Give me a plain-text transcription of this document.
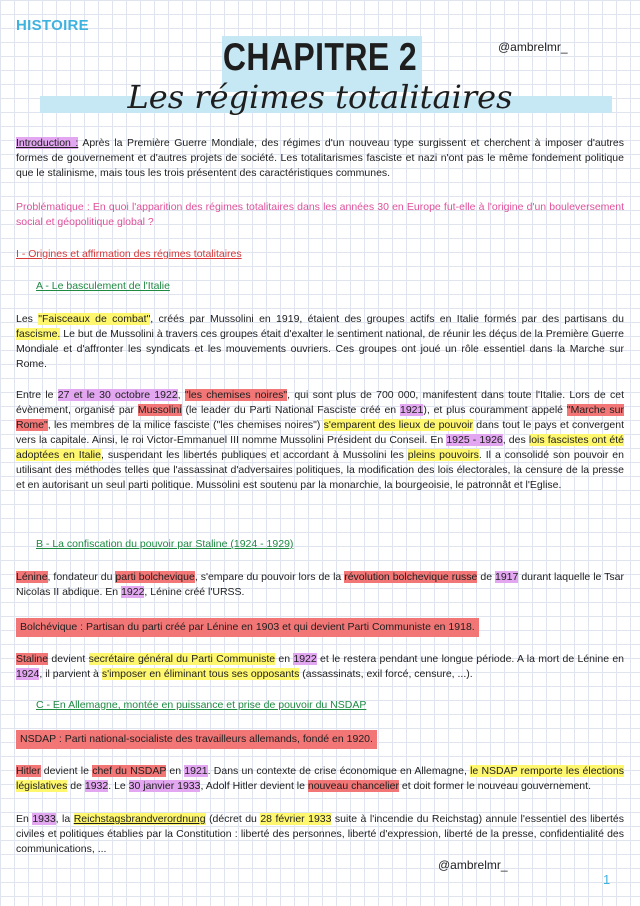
HISTOIRE
@ambrelmr_
CHAPITRE 2
Les régimes totalitaires
Introduction : Après la Première Guerre Mondiale, des régimes d'un nouveau type surgissent et cherchent à imposer d'autres formes de gouvernement et d'autres projets de société. Les totalitarismes fasciste et nazi n'ont pas le même fondement politique que le stalinisme, mais tous les trois présentent des caractéristiques communes.
Problématique : En quoi l'apparition des régimes totalitaires dans les années 30 en Europe fut-elle à l'origine d'un bouleversement social et géopolitique global ?
I - Origines et affirmation des régimes totalitaires
A - Le basculement de l'Italie
Les "Faisceaux de combat", créés par Mussolini en 1919, étaient des groupes actifs en Italie formés par des partisans du fascisme. Le but de Mussolini à travers ces groupes était d'exalter le sentiment national, de réunir les déçus de la Première Guerre Mondiale et d'affronter les syndicats et les mouvements ouvriers. Ces groupes ont joué un rôle essentiel dans la Marche sur Rome.
Entre le 27 et le 30 octobre 1922, "les chemises noires", qui sont plus de 700 000, manifestent dans toute l'Italie. Lors de cet évènement, organisé par Mussolini (le leader du Parti National Fasciste créé en 1921), et plus couramment appelé "Marche sur Rome", les membres de la milice fasciste ("les chemises noires") s'emparent des lieux de pouvoir dans tout le pays et convergent vers la capitale. Ainsi, le roi Victor-Emmanuel III nomme Mussolini Président du Conseil. En 1925 - 1926, des lois fascistes ont été adoptées en Italie, suspendant les libertés publiques et accordant à Mussolini les pleins pouvoirs. Il a consolidé son pouvoir en utilisant des méthodes telles que l'assassinat d'adversaires politiques, la modification des lois électorales, la censure de la presse et en autorisant un seul parti politique. Mussolini est soutenu par la monarchie, la bourgeoisie, le patronnât et l'Eglise.
B - La confiscation du pouvoir par Staline (1924 - 1929)
Lénine, fondateur du parti bolchevique, s'empare du pouvoir lors de la révolution bolchevique russe de 1917 durant laquelle le Tsar Nicolas II abdique. En 1922, Lénine créé l'URSS.
Bolchévique : Partisan du parti créé par Lénine en 1903 et qui devient Parti Communiste en 1918.
Staline devient secrétaire général du Parti Communiste en 1922 et le restera pendant une longue période. A la mort de Lénine en 1924, il parvient à s'imposer en éliminant tous ses opposants (assassinats, exil forcé, censure, ...).
C - En Allemagne, montée en puissance et prise de pouvoir du NSDAP
NSDAP : Parti national-socialiste des travailleurs allemands, fondé en 1920.
Hitler devient le chef du NSDAP en 1921. Dans un contexte de crise économique en Allemagne, le NSDAP remporte les élections législatives de 1932. Le 30 janvier 1933, Adolf Hitler devient le nouveau chancelier et doit former le nouveau gouvernement.
En 1933, la Reichstagsbrandverordnung (décret du 28 février 1933 suite à l'incendie du Reichstag) annule l'essentiel des libertés civiles et politiques établies par la Constitution : liberté des personnes, liberté d'expression, liberté de la presse, confidentialité des communications, ...
@ambrelmr_
1
